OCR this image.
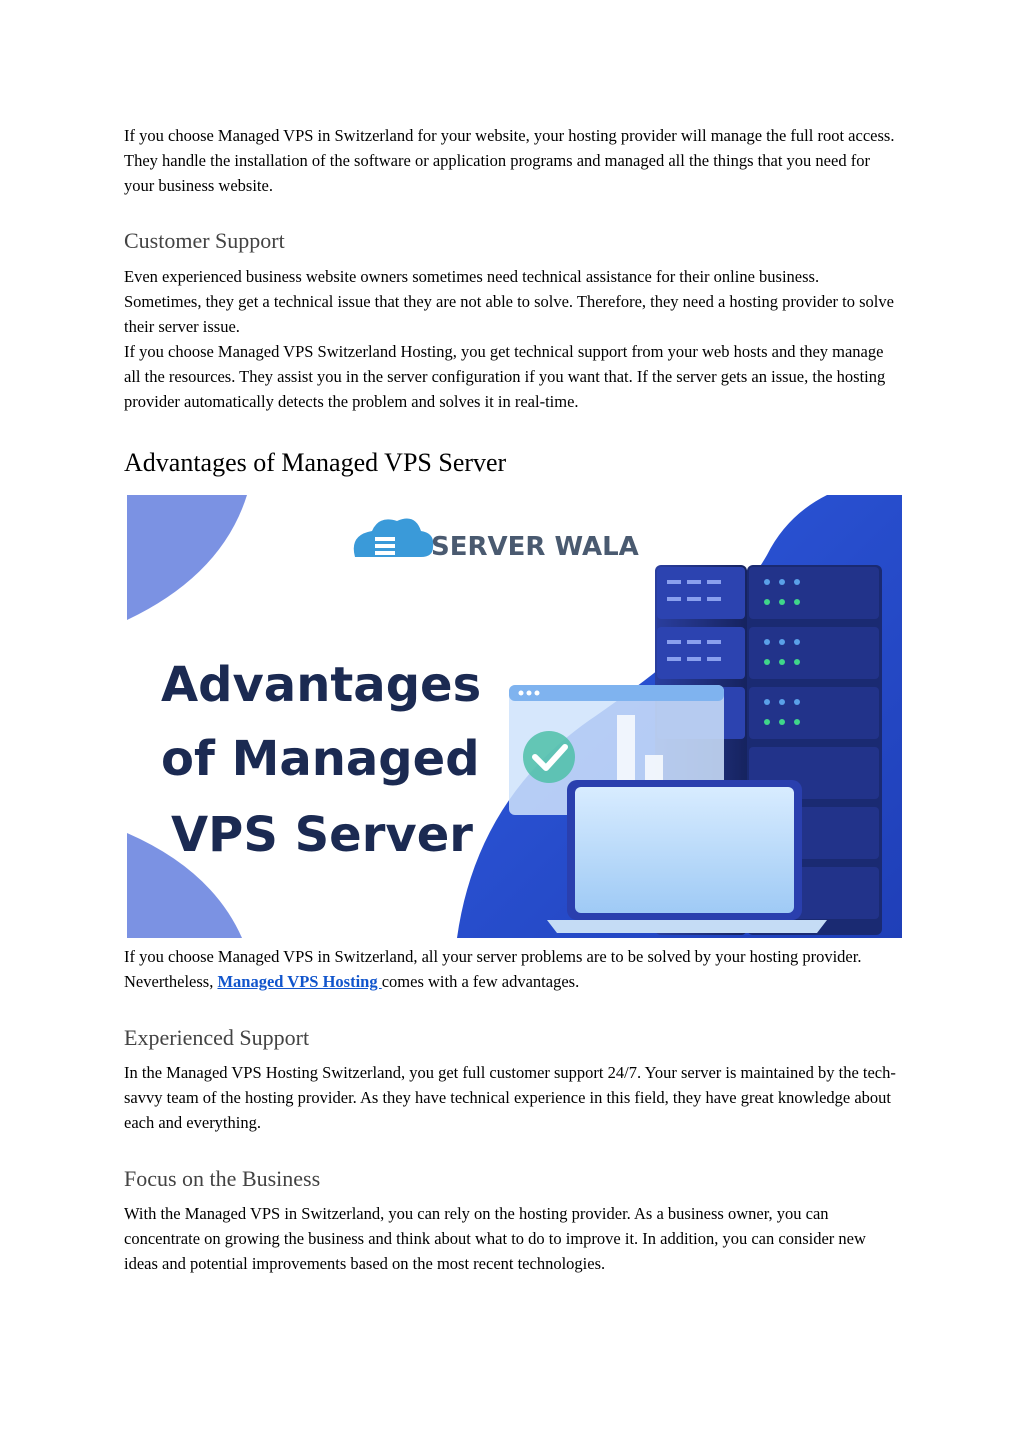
If you choose Managed VPS in Switzerland for your website, your hosting provider will manage the full root access. They handle the installation of the software or application programs and managed all the things that you need for your business website.

Customer Support

Even experienced business website owners sometimes need technical assistance for their online business. Sometimes, they get a technical issue that they are not able to solve. Therefore, they need a hosting provider to solve their server issue.

If you choose Managed VPS Switzerland Hosting, you get technical support from your web hosts and they manage all the resources. They assist you in the server configuration if you want that. If the server gets an issue, the hosting provider automatically detects the problem and solves it in real-time.

Advantages of Managed VPS Server

If you choose Managed VPS in Switzerland, all your server problems are to be solved by your hosting provider. Nevertheless, Managed VPS Hosting comes with a few advantages.

Experienced Support

In the Managed VPS Hosting Switzerland, you get full customer support 24/7. Your server is maintained by the tech-savvy team of the hosting provider. As they have technical experience in this field, they have great knowledge about each and everything.

Focus on the Business

With the Managed VPS in Switzerland, you can rely on the hosting provider. As a business owner, you can concentrate on growing the business and think about what to do to improve it. In addition, you can consider new ideas and potential improvements based on the most recent technologies.

SERVER WALA
Advantages
of Managed
VPS Server
